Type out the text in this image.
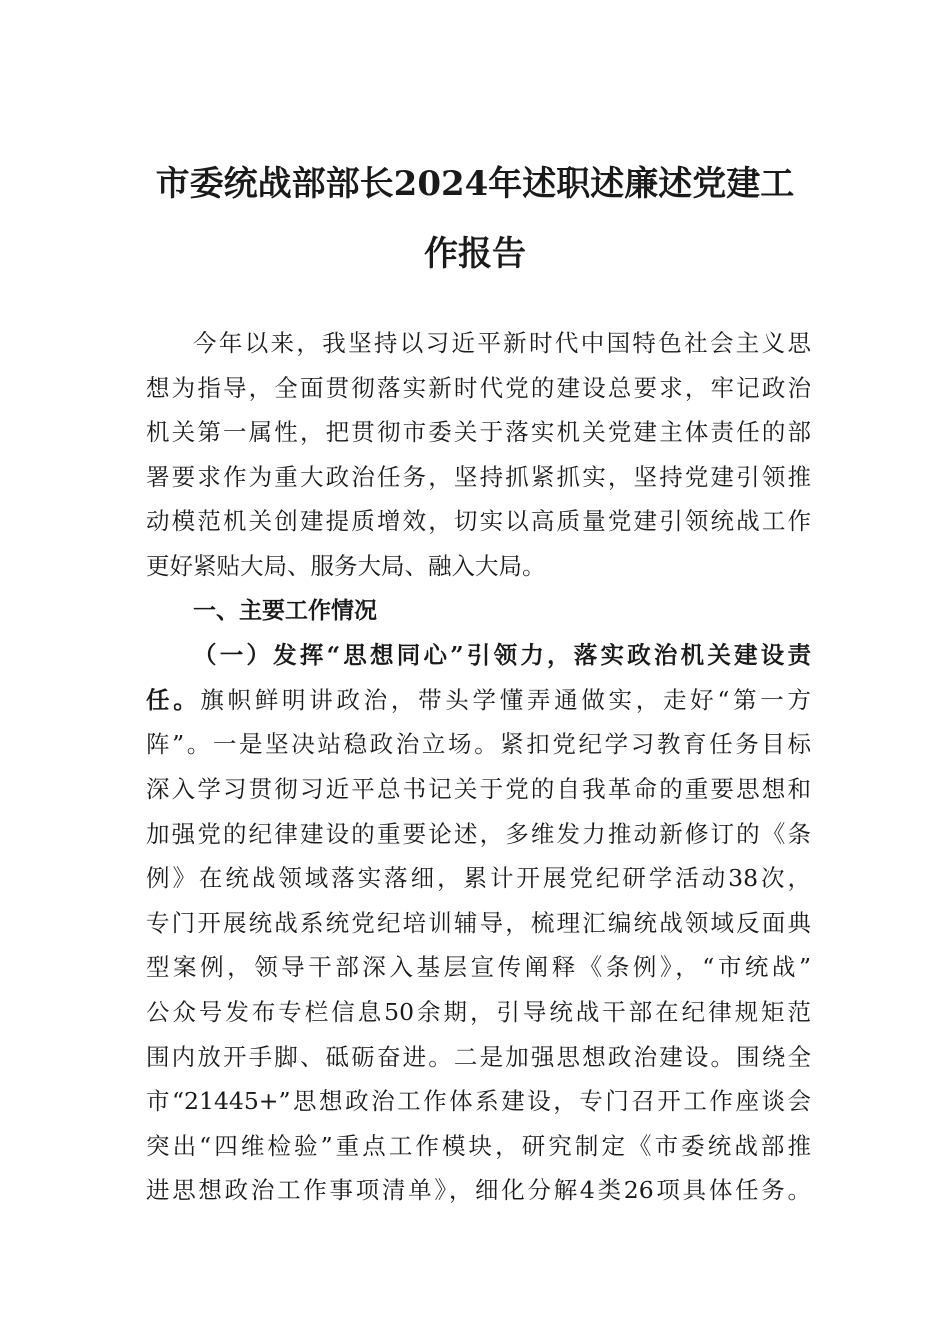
市委统战部部长2024年述职述廉述党建工
作报告
今年以来，我坚持以习近平新时代中国特色社会主义思
想为指导，全面贯彻落实新时代党的建设总要求，牢记政治
机关第一属性，把贯彻市委关于落实机关党建主体责任的部
署要求作为重大政治任务，坚持抓紧抓实，坚持党建引领推
动模范机关创建提质增效，切实以高质量党建引领统战工作
更好紧贴大局、服务大局、融入大局。
一、主要工作情况
（一）发挥“思想同心”引领力，落实政治机关建设责
任。旗帜鲜明讲政治，带头学懂弄通做实，走好“第一方
阵”。一是坚决站稳政治立场。紧扣党纪学习教育任务目标
深入学习贯彻习近平总书记关于党的自我革命的重要思想和
加强党的纪律建设的重要论述，多维发力推动新修订的《条
例》在统战领域落实落细，累计开展党纪研学活动38次，
专门开展统战系统党纪培训辅导，梳理汇编统战领域反面典
型案例，领导干部深入基层宣传阐释《条例》，“市统战”
公众号发布专栏信息50余期，引导统战干部在纪律规矩范
围内放开手脚、砥砺奋进。二是加强思想政治建设。围绕全
市“21445+”思想政治工作体系建设，专门召开工作座谈会
突出“四维检验”重点工作模块，研究制定《市委统战部推
进思想政治工作事项清单》，细化分解4类26项具体任务。
